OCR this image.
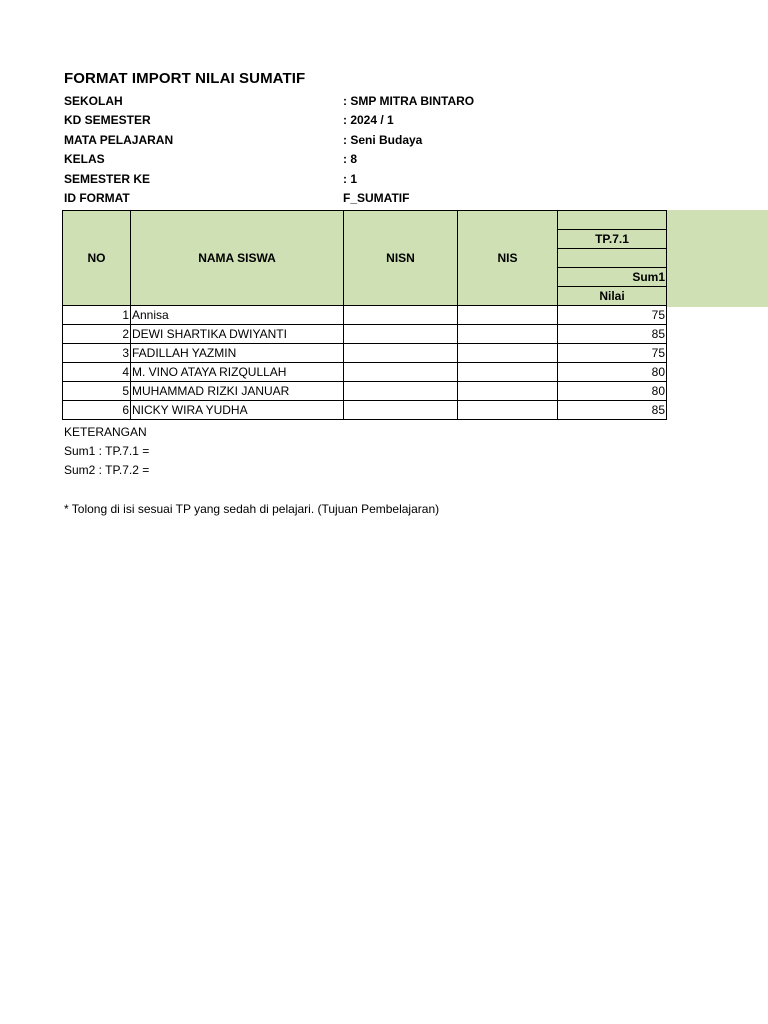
FORMAT IMPORT NILAI SUMATIF
SEKOLAH	: SMP MITRA BINTARO
KD SEMESTER	: 2024 / 1
MATA PELAJARAN	: Seni Budaya
KELAS	: 8
SEMESTER KE	: 1
ID FORMAT	F_SUMATIF
NO	NAMA SISWA	NISN	NIS	
				TP.7.1

				Sum1
				Nilai
1	Annisa			75
2	DEWI SHARTIKA DWIYANTI			85
3	FADILLAH YAZMIN			75
4	M. VINO ATAYA RIZQULLAH			80
5	MUHAMMAD RIZKI JANUAR			80
6	NICKY WIRA YUDHA			85
KETERANGAN
Sum1 : TP.7.1 =
Sum2 : TP.7.2 =
* Tolong di isi sesuai TP yang sedah di pelajari. (Tujuan Pembelajaran)
